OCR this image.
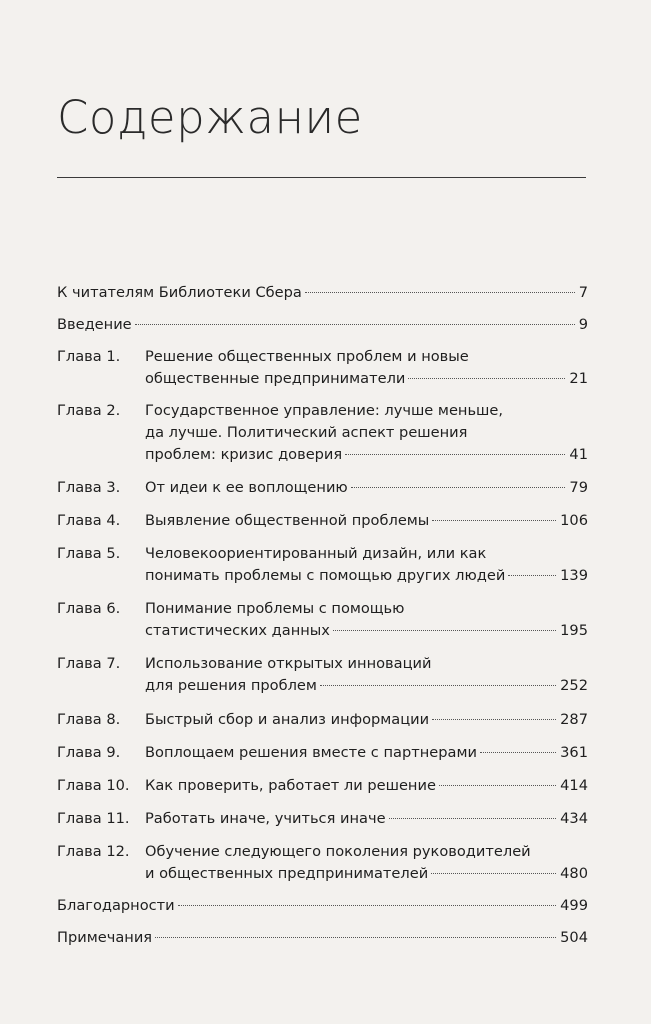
Содержание
К читателям Библиотеки Сбера	7
Введение	9
Глава 1. Решение общественных проблем и новые
общественные предприниматели	21
Глава 2. Государственное управление: лучше меньше,
да лучше. Политический аспект решения
проблем: кризис доверия	41
Глава 3. От идеи к ее воплощению	79
Глава 4. Выявление общественной проблемы	106
Глава 5. Человекоориентированный дизайн, или как
понимать проблемы с помощью других людей	139
Глава 6. Понимание проблемы с помощью
статистических данных	195
Глава 7. Использование открытых инноваций
для решения проблем	252
Глава 8. Быстрый сбор и анализ информации	287
Глава 9. Воплощаем решения вместе с партнерами	361
Глава 10. Как проверить, работает ли решение	414
Глава 11. Работать иначе, учиться иначе	434
Глава 12. Обучение следующего поколения руководителей
и общественных предпринимателей	480
Благодарности	499
Примечания	504
